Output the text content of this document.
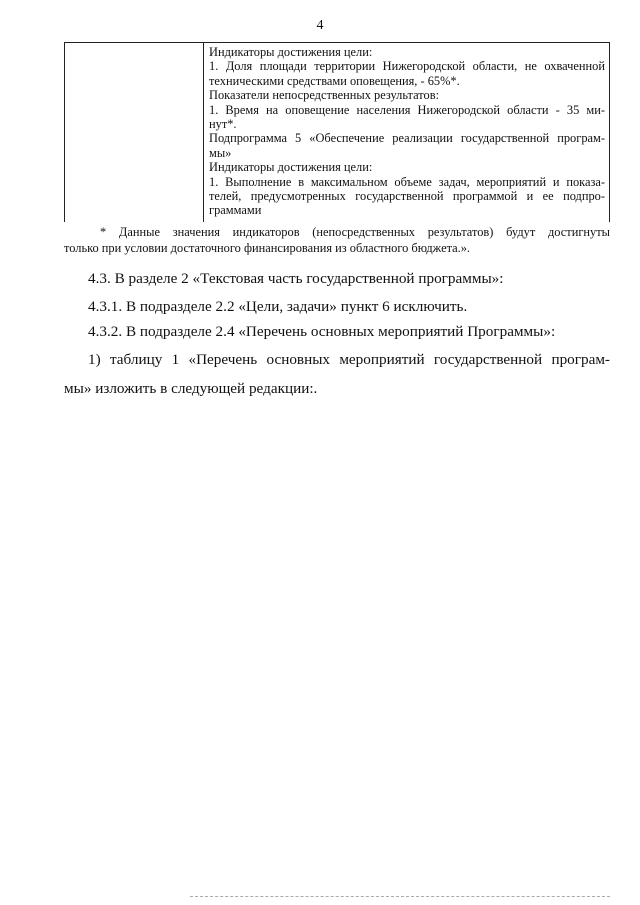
4
Индикаторы достижения цели:
1. Доля площади территории Нижегородской области, не охваченной
техническими средствами оповещения, - 65%*.
Показатели непосредственных результатов:
1. Время на оповещение населения Нижегородской области - 35 ми-
нут*.
Подпрограмма 5 «Обеспечение реализации государственной програм-
мы»
Индикаторы достижения цели:
1. Выполнение в максимальном объеме задач, мероприятий и показа-
телей, предусмотренных государственной программой и ее подпро-
граммами
* Данные значения индикаторов (непосредственных результатов) будут достигнуты
только при условии достаточного финансирования из областного бюджета.».
4.3. В разделе 2 «Текстовая часть государственной программы»:
4.3.1. В подразделе 2.2 «Цели, задачи» пункт 6 исключить.
4.3.2. В подразделе 2.4 «Перечень основных мероприятий Программы»:
1) таблицу 1 «Перечень основных мероприятий государственной програм-
мы» изложить в следующей редакции:.
